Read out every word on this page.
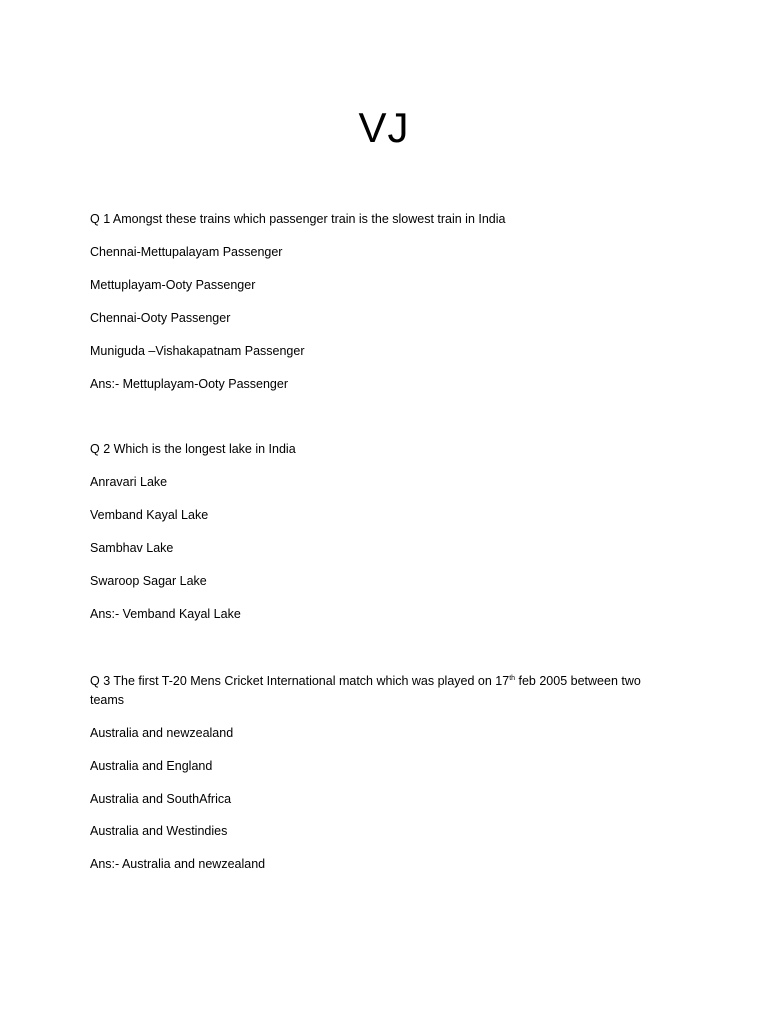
VJ
Q 1 Amongst these trains which passenger train is the slowest train in India
Chennai-Mettupalayam Passenger
Mettuplayam-Ooty Passenger
Chennai-Ooty Passenger
Muniguda –Vishakapatnam Passenger
Ans:- Mettuplayam-Ooty Passenger
Q 2 Which is the longest lake in India
Anravari Lake
Vemband Kayal Lake
Sambhav Lake
Swaroop Sagar Lake
Ans:- Vemband Kayal Lake
Q 3 The first T-20 Mens Cricket International match which was played on 17th feb 2005 between two teams
Australia and newzealand
Australia and England
Australia and SouthAfrica
Australia and Westindies
Ans:- Australia and newzealand
